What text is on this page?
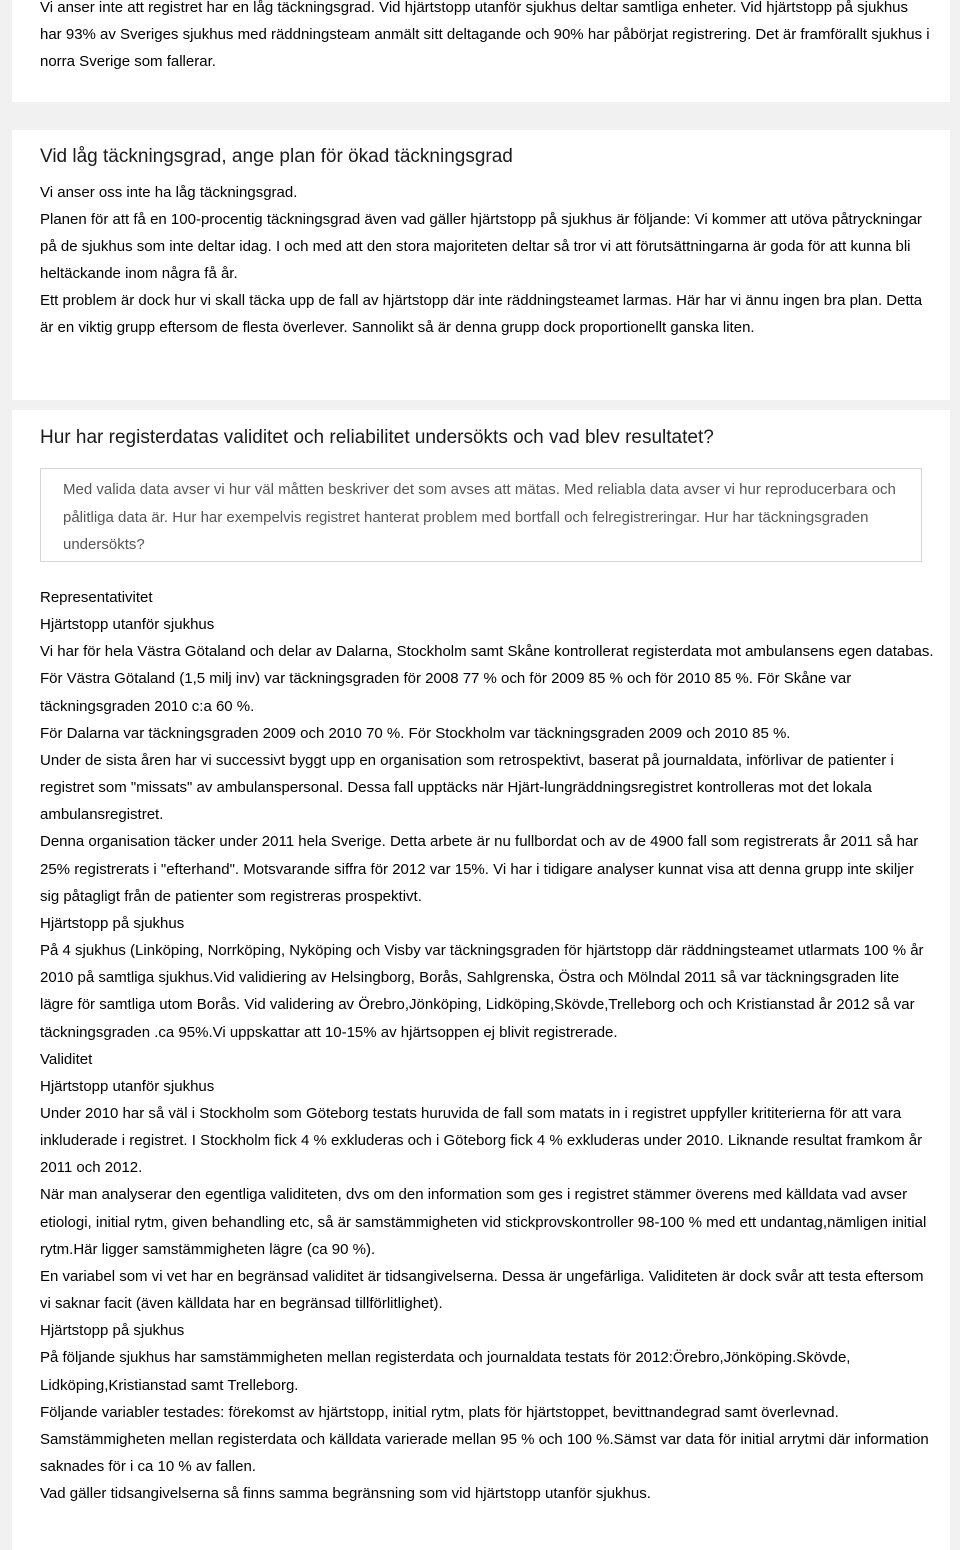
Vi anser inte att registret har en låg täckningsgrad. Vid hjärtstopp utanför sjukhus deltar samtliga enheter. Vid hjärtstopp på sjukhus har 93% av Sveriges sjukhus med räddningsteam anmält sitt deltagande och 90% har påbörjat registrering. Det är framförallt sjukhus i norra Sverige som fallerar.

Vid låg täckningsgrad, ange plan för ökad täckningsgrad

Vi anser oss inte ha låg täckningsgrad.

Planen för att få en 100-procentig täckningsgrad även vad gäller hjärtstopp på sjukhus är följande: Vi kommer att utöva påtryckningar på de sjukhus som inte deltar idag. I och med att den stora majoriteten deltar så tror vi att förutsättningarna är goda för att kunna bli heltäckande inom några få år.

Ett problem är dock hur vi skall täcka upp de fall av hjärtstopp där inte räddningsteamet larmas. Här har vi ännu ingen bra plan. Detta är en viktig grupp eftersom de flesta överlever. Sannolikt så är denna grupp dock proportionellt ganska liten.

Hur har registerdatas validitet och reliabilitet undersökts och vad blev resultatet?

Med valida data avser vi hur väl måtten beskriver det som avses att mätas. Med reliabla data avser vi hur reproducerbara och pålitliga data är. Hur har exempelvis registret hanterat problem med bortfall och felregistreringar. Hur har täckningsgraden undersökts?

Representativitet

Hjärtstopp utanför sjukhus

Vi har för hela Västra Götaland och delar av Dalarna, Stockholm samt Skåne kontrollerat registerdata mot ambulansens egen databas. För Västra Götaland (1,5 milj inv) var täckningsgraden för 2008 77 % och för 2009 85 % och för 2010 85 %. För Skåne var täckningsgraden 2010 c:a 60 %.

För Dalarna var täckningsgraden 2009 och 2010 70 %. För Stockholm var täckningsgraden 2009 och 2010 85 %.

Under de sista åren har vi successivt byggt upp en organisation som retrospektivt, baserat på journaldata, införlivar de patienter i registret som "missats" av ambulanspersonal. Dessa fall upptäcks när Hjärt-lungräddningsregistret kontrolleras mot det lokala ambulansregistret.

Denna organisation täcker under 2011 hela Sverige. Detta arbete är nu fullbordat och av de 4900 fall som registrerats år 2011 så har 25% registrerats i "efterhand". Motsvarande siffra för 2012 var 15%. Vi har i tidigare analyser kunnat visa att denna grupp inte skiljer sig påtagligt från de patienter som registreras prospektivt.

Hjärtstopp på sjukhus

På 4 sjukhus (Linköping, Norrköping, Nyköping och Visby var täckningsgraden för hjärtstopp där räddningsteamet utlarmats 100 % år 2010 på samtliga sjukhus.Vid validiering av Helsingborg, Borås, Sahlgrenska, Östra och Mölndal 2011 så var täckningsgraden lite lägre för samtliga utom Borås. Vid validering av Örebro,Jönköping, Lidköping,Skövde,Trelleborg och och Kristianstad år 2012 så var täckningsgraden .ca 95%.Vi uppskattar att 10-15% av hjärtsoppen ej blivit registrerade.

Validitet

Hjärtstopp utanför sjukhus

Under 2010 har så väl i Stockholm som Göteborg testats huruvida de fall som matats in i registret uppfyller krititerierna för att vara inkluderade i registret. I Stockholm fick 4 % exkluderas och i Göteborg fick 4 % exkluderas under 2010. Liknande resultat framkom år 2011 och 2012.

När man analyserar den egentliga validiteten, dvs om den information som ges i registret stämmer överens med källdata vad avser etiologi, initial rytm, given behandling etc, så är samstämmigheten vid stickprovskontroller 98-100 % med ett undantag,nämligen initial rytm.Här ligger samstämmigheten lägre (ca 90 %).

En variabel som vi vet har en begränsad validitet är tidsangivelserna. Dessa är ungefärliga. Validiteten är dock svår att testa eftersom vi saknar facit (även källdata har en begränsad tillförlitlighet).

Hjärtstopp på sjukhus

På följande sjukhus har samstämmigheten mellan registerdata och journaldata testats för 2012:Örebro,Jönköping.Skövde, Lidköping,Kristianstad samt Trelleborg.

Följande variabler testades: förekomst av hjärtstopp, initial rytm, plats för hjärtstoppet, bevittnandegrad samt överlevnad. Samstämmigheten mellan registerdata och källdata varierade mellan 95 % och 100 %.Sämst var data för initial arrytmi där information saknades för i ca 10 % av fallen.

Vad gäller tidsangivelserna så finns samma begränsning som vid hjärtstopp utanför sjukhus.
